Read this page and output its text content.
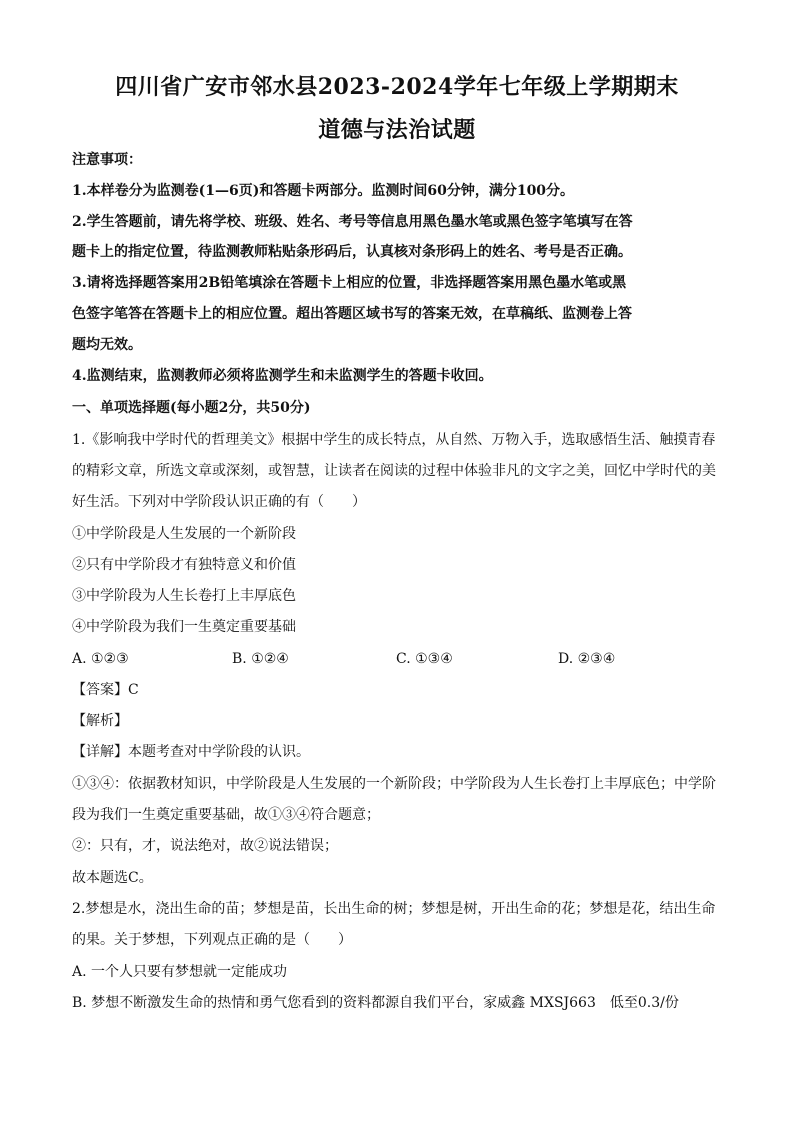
四川省广安市邻水县2023-2024学年七年级上学期期末
道德与法治试题
注意事项：
1.本样卷分为监测卷(1—6页)和答题卡两部分。监测时间60分钟，满分100分。
2.学生答题前，请先将学校、班级、姓名、考号等信息用黑色墨水笔或黑色签字笔填写在答
题卡上的指定位置，待监测教师粘贴条形码后，认真核对条形码上的姓名、考号是否正确。
3.请将选择题答案用2B铅笔填涂在答题卡上相应的位置，非选择题答案用黑色墨水笔或黑
色签字笔答在答题卡上的相应位置。超出答题区域书写的答案无效，在草稿纸、监测卷上答
题均无效。
4.监测结束，监测教师必须将监测学生和未监测学生的答题卡收回。
一、单项选择题(每小题2分，共50分)
1.《影响我中学时代的哲理美文》根据中学生的成长特点，从自然、万物入手，选取感悟生活、触摸青春
的精彩文章，所选文章或深刻，或智慧，让读者在阅读的过程中体验非凡的文字之美，回忆中学时代的美
好生活。下列对中学阶段认识正确的有（　　）
①中学阶段是人生发展的一个新阶段
②只有中学阶段才有独特意义和价值
③中学阶段为人生长卷打上丰厚底色
④中学阶段为我们一生奠定重要基础
A. ①②③	B. ①②④	C. ①③④	D. ②③④
【答案】C
【解析】
【详解】本题考查对中学阶段的认识。
①③④：依据教材知识，中学阶段是人生发展的一个新阶段；中学阶段为人生长卷打上丰厚底色；中学阶
段为我们一生奠定重要基础，故①③④符合题意；
②：只有，才，说法绝对，故②说法错误；
故本题选C。
2.梦想是水，浇出生命的苗；梦想是苗，长出生命的树；梦想是树，开出生命的花；梦想是花，结出生命
的果。关于梦想，下列观点正确的是（　　）
A. 一个人只要有梦想就一定能成功
B. 梦想不断激发生命的热情和勇气您看到的资料都源自我们平台，家威鑫 MXSJ663　低至0.3/份
